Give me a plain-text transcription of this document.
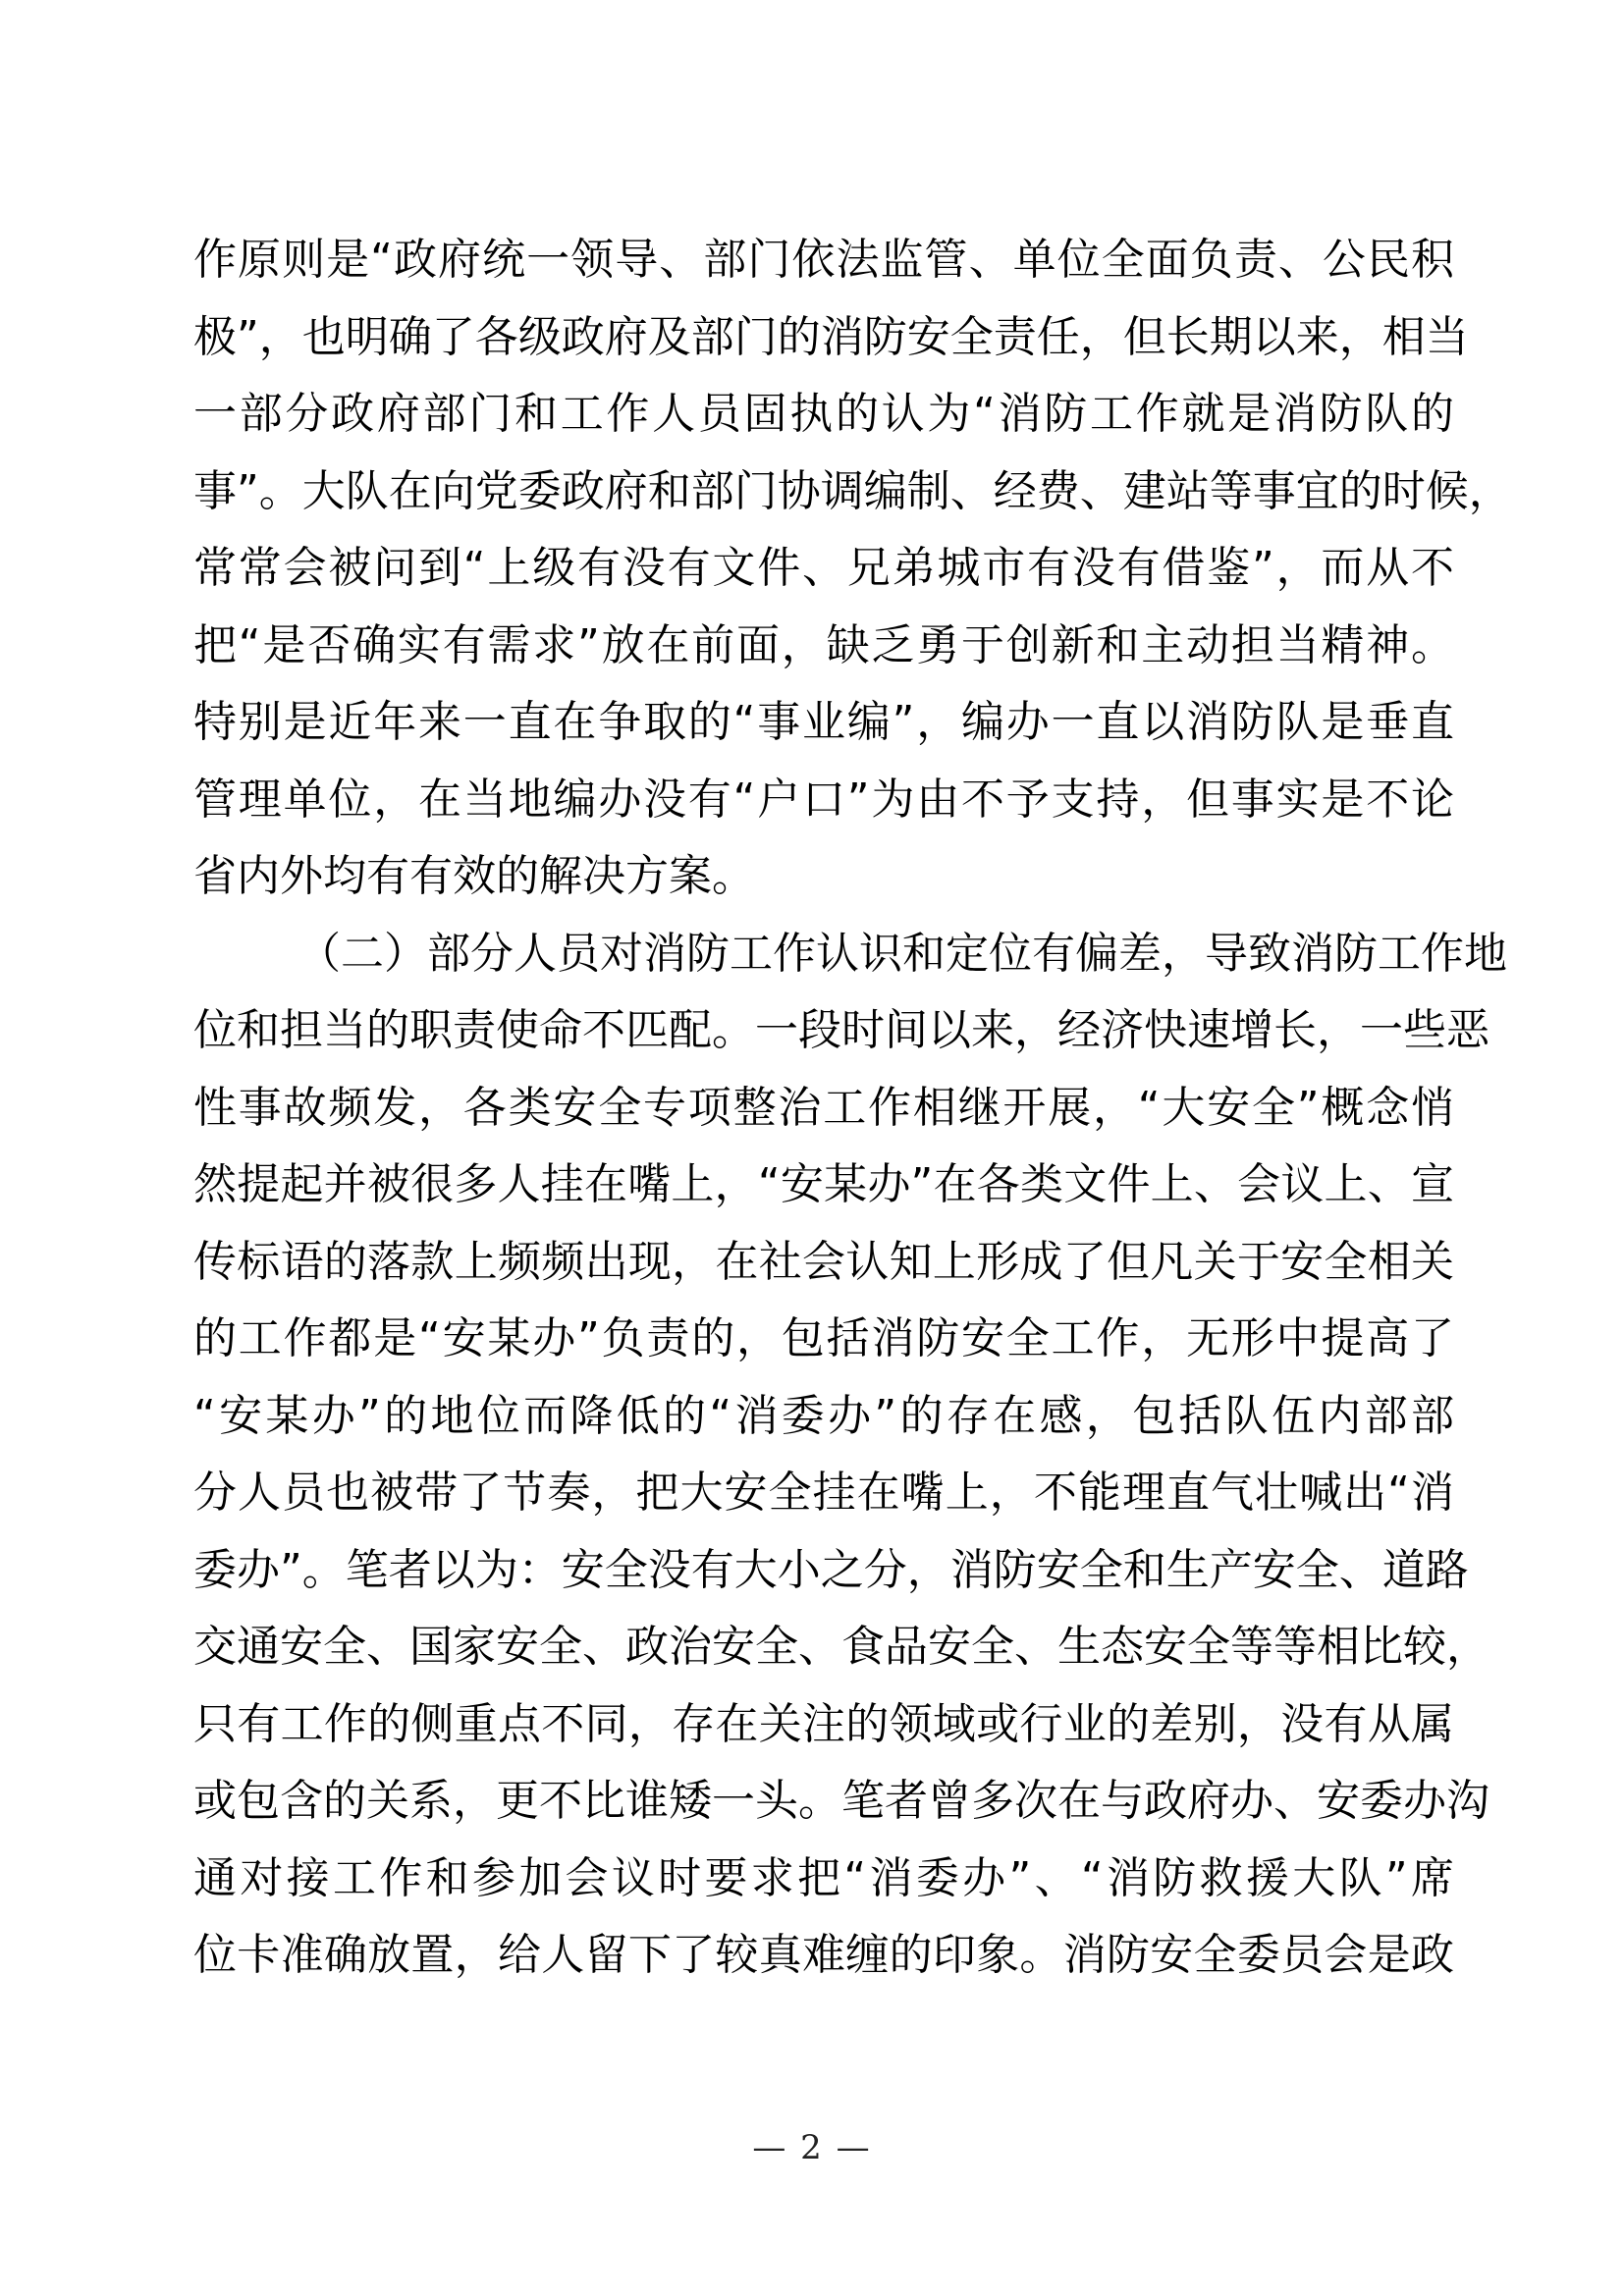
作原则是“政府统一领导、部门依法监管、单位全面负责、公民积
极”，也明确了各级政府及部门的消防安全责任，但长期以来，相当
一部分政府部门和工作人员固执的认为“消防工作就是消防队的
事”。大队在向党委政府和部门协调编制、经费、建站等事宜的时候，
常常会被问到“上级有没有文件、兄弟城市有没有借鉴”，而从不
把“是否确实有需求”放在前面，缺乏勇于创新和主动担当精神。
特别是近年来一直在争取的“事业编”，编办一直以消防队是垂直
管理单位，在当地编办没有“户口”为由不予支持，但事实是不论
省内外均有有效的解决方案。
（二）部分人员对消防工作认识和定位有偏差，导致消防工作地
位和担当的职责使命不匹配。一段时间以来，经济快速增长，一些恶
性事故频发，各类安全专项整治工作相继开展，“大安全”概念悄
然提起并被很多人挂在嘴上，“安某办”在各类文件上、会议上、宣
传标语的落款上频频出现，在社会认知上形成了但凡关于安全相关
的工作都是“安某办”负责的，包括消防安全工作，无形中提高了
“安某办”的地位而降低的“消委办”的存在感，包括队伍内部部
分人员也被带了节奏，把大安全挂在嘴上，不能理直气壮喊出“消
委办”。笔者以为：安全没有大小之分，消防安全和生产安全、道路
交通安全、国家安全、政治安全、食品安全、生态安全等等相比较，
只有工作的侧重点不同，存在关注的领域或行业的差别，没有从属
或包含的关系，更不比谁矮一头。笔者曾多次在与政府办、安委办沟
通对接工作和参加会议时要求把“消委办”、“消防救援大队”席
位卡准确放置，给人留下了较真难缠的印象。消防安全委员会是政
— 2 —
